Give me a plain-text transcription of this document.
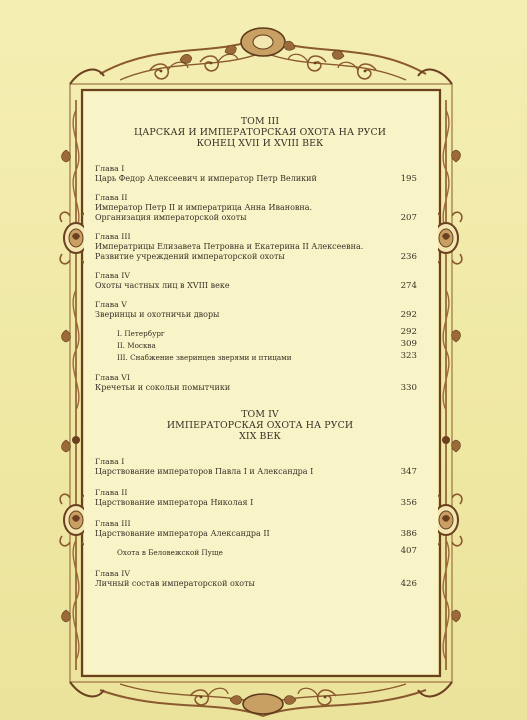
ТОМ III
ЦАРСКАЯ И ИМПЕРАТОРСКАЯ ОХОТА НА РУСИ
КОНЕЦ XVII И XVIII ВЕК
Глава I
Царь Федор Алексеевич и император Петр Великий	195
Глава II
Император Петр II и императрица Анна Ивановна.
Организация императорской охоты	207
Глава III
Императрицы Елизавета Петровна и Екатерина II Алексеевна.
Развитие учреждений императорской охоты	236
Глава IV
Охоты частных лиц в XVIII веке	274
Глава V
Зверинцы и охотничьи дворы	292
I. Петербург	292
II. Москва	309
III. Снабжение зверинцев зверями и птицами	323
Глава VI
Кречетьи и сокольи помытчики	330
ТОМ IV
ИМПЕРАТОРСКАЯ ОХОТА НА РУСИ
XIX ВЕК
Глава I
Царствование императоров Павла I и Александра I	347
Глава II
Царствование императора Николая I	356
Глава III
Царствование императора Александра II	386
Охота в Беловежской Пуще	407
Глава IV
Личный состав императорской охоты	426
